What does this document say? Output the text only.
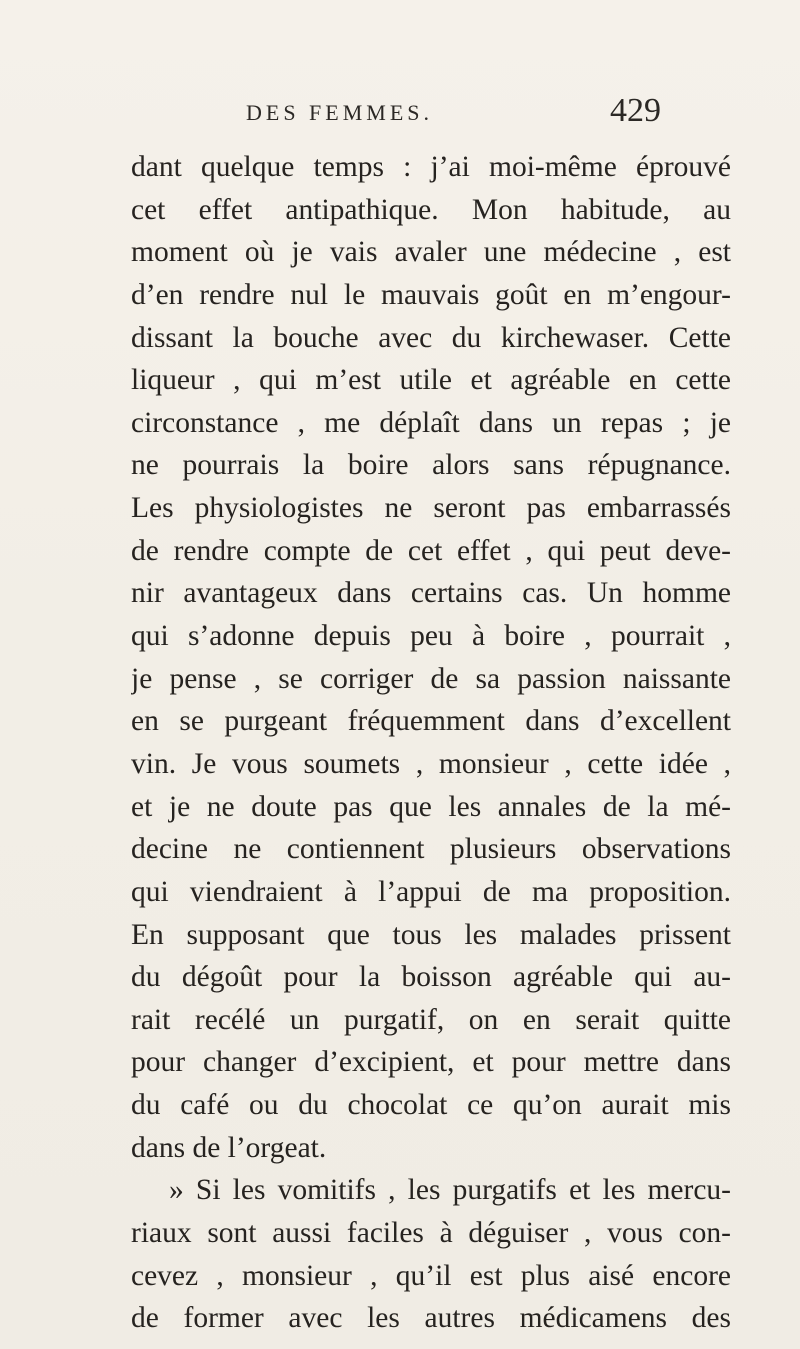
DES FEMMES.	429
dant quelque temps : j’ai moi-même éprouvé
cet effet antipathique. Mon habitude, au
moment où je vais avaler une médecine , est
d’en rendre nul le mauvais goût en m’engour-
dissant la bouche avec du kirchewaser. Cette
liqueur , qui m’est utile et agréable en cette
circonstance , me déplaît dans un repas ; je
ne pourrais la boire alors sans répugnance.
Les physiologistes ne seront pas embarrassés
de rendre compte de cet effet , qui peut deve-
nir avantageux dans certains cas. Un homme
qui s’adonne depuis peu à boire , pourrait ,
je pense , se corriger de sa passion naissante
en se purgeant fréquemment dans d’excellent
vin. Je vous soumets , monsieur , cette idée ,
et je ne doute pas que les annales de la mé-
decine ne contiennent plusieurs observations
qui viendraient à l’appui de ma proposition.
En supposant que tous les malades prissent
du dégoût pour la boisson agréable qui au-
rait recélé un purgatif, on en serait quitte
pour changer d’excipient, et pour mettre dans
du café ou du chocolat ce qu’on aurait mis
dans de l’orgeat.
» Si les vomitifs , les purgatifs et les mercu-
riaux sont aussi faciles à déguiser , vous con-
cevez , monsieur , qu’il est plus aisé encore
de former avec les autres médicamens des
